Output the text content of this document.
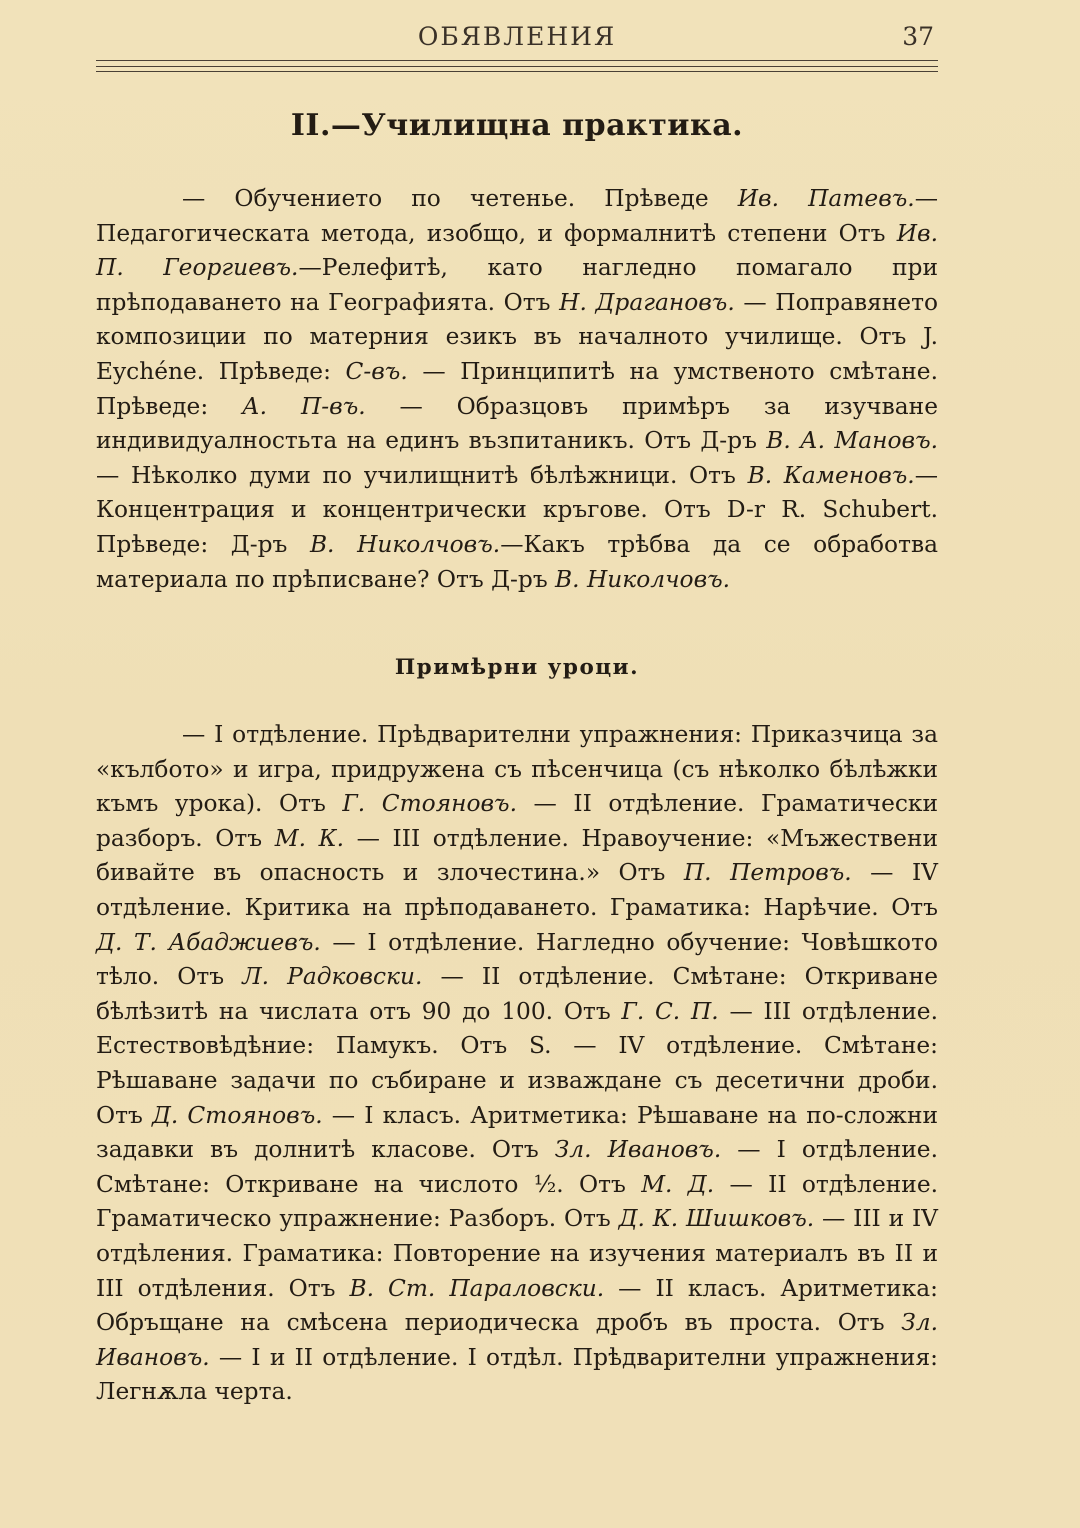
ОБЯВЛЕНИЯ	37
II.—Училищна практика.

— Обучението по четенье. Прѣведе Ив. Патевъ.—Педагогическата метода, изобщо, и формалнитѣ степени Отъ Ив. П. Георгиевъ.—Релефитѣ, като нагледно помагало при прѣподаването на Географията. Отъ Н. Драгановъ. — Поправянето композиции по матерния езикъ въ началното училище. Отъ J. Eychéne. Прѣведе: С-въ. — Принципитѣ на умственото смѣтане. Прѣведе: А. П-въ. — Образцовъ примѣръ за изучване индивидуалностьта на единъ възпитаникъ. Отъ Д-ръ В. А. Мановъ. — Нѣколко думи по училищнитѣ бѣлѣжници. Отъ В. Каменовъ.—Концентрация и концентрически кръгове. Отъ D-r R. Schubert. Прѣведе: Д-ръ В. Николчовъ.—Какъ трѣбва да се обработва материала по прѣписване? Отъ Д-ръ В. Николчовъ.

Примѣрни уроци.

— I отдѣление. Прѣдварителни упражнения: Приказчица за «кълбото» и игра, придружена съ пѣсенчица (съ нѣколко бѣлѣжки къмъ урока). Отъ Г. Стояновъ. — II отдѣление. Граматически разборъ. Отъ М. К. — III отдѣление. Нравоучение: «Мъжествени бивайте въ опасность и злочестина.» Отъ П. Петровъ. — IV отдѣление. Критика на прѣподаването. Граматика: Нарѣчие. Отъ Д. Т. Абаджиевъ. — I отдѣление. Нагледно обучение: Човѣшкото тѣло. Отъ Л. Радковски. — II отдѣление. Смѣтане: Откриване бѣлѣзитѣ на числата отъ 90 до 100. Отъ Г. С. П. — III отдѣление. Естествовѣдѣние: Памукъ. Отъ S. — IV отдѣление. Смѣтане: Рѣшаване задачи по събиране и изваждане съ десетични дроби. Отъ Д. Стояновъ. — I класъ. Аритметика: Рѣшаване на по-сложни задавки въ долнитѣ класове. Отъ Зл. Ивановъ. — I отдѣление. Смѣтане: Откриване на числото ½. Отъ М. Д. — II отдѣление. Граматическо упражнение: Разборъ. Отъ Д. К. Шишковъ. — III и IV отдѣления. Граматика: Повторение на изучения материалъ въ II и III отдѣления. Отъ В. Ст. Параловски. — II класъ. Аритметика: Обръщане на смѣсена периодическа дробъ въ проста. Отъ Зл. Ивановъ. — I и II отдѣление. I отдѣл. Прѣдварителни упражнения: Легнѫла черта.
